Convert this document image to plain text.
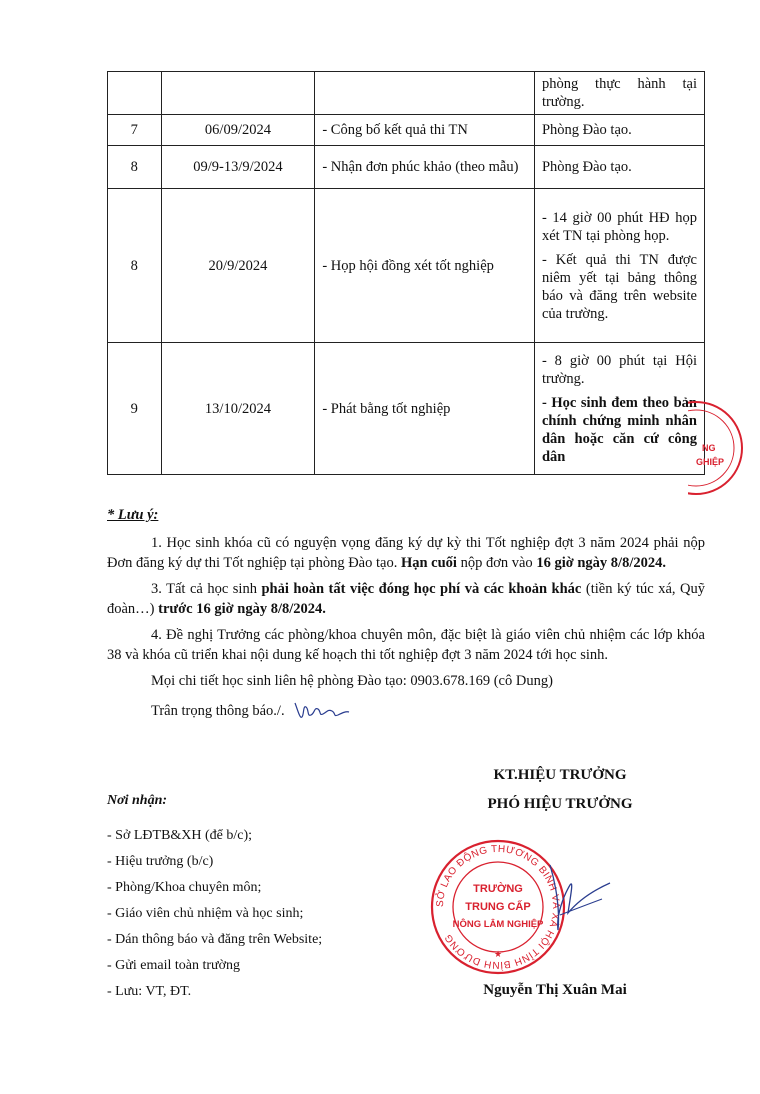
			phòng thực hành tại trường.

7	06/09/2024	- Công bố kết quả thi TN	Phòng Đào tạo.

8	09/9-13/9/2024	- Nhận đơn phúc khảo (theo mẫu)	Phòng Đào tạo.

8	20/9/2024	- Họp hội đồng xét tốt nghiệp	- 14 giờ 00 phút HĐ họp xét TN tại phòng họp.
- Kết quả thi TN được niêm yết tại bảng thông báo và đăng trên website của trường.

9	13/10/2024	- Phát bằng tốt nghiệp	- 8 giờ 00 phút tại Hội trường.
- Học sinh đem theo bản chính chứng minh nhân dân hoặc căn cứ công dân

* Lưu ý:

1. Học sinh khóa cũ có nguyện vọng đăng ký dự kỳ thi Tốt nghiệp đợt 3 năm 2024 phải nộp Đơn đăng ký dự thi Tốt nghiệp tại phòng Đào tạo. Hạn cuối nộp đơn vào 16 giờ ngày 8/8/2024.

3. Tất cả học sinh phải hoàn tất việc đóng học phí và các khoản khác (tiền ký túc xá, Quỹ đoàn…) trước 16 giờ ngày 8/8/2024.

4. Đề nghị Trưởng các phòng/khoa chuyên môn, đặc biệt là giáo viên chủ nhiệm các lớp khóa 38 và khóa cũ triển khai nội dung kế hoạch thi tốt nghiệp đợt 3 năm 2024 tới học sinh.

Mọi chi tiết học sinh liên hệ phòng Đào tạo: 0903.678.169 (cô Dung)

Trân trọng thông báo./.

NG
GHIỆP
KT.HIỆU TRƯỞNG
PHÓ HIỆU TRƯỞNG
SỞ LAO ĐỘNG THƯƠNG BINH VÀ XÃ HỘI TỈNH BÌNH DƯƠNG
TRƯỜNG
TRUNG CẤP
NÔNG LÂM NGHIỆP
★
Nguyễn Thị Xuân Mai
Nơi nhận:
- Sở LĐTB&XH (để b/c);
- Hiệu trưởng (b/c)
- Phòng/Khoa chuyên môn;
- Giáo viên chủ nhiệm và học sinh;
- Dán thông báo và đăng trên Website;
- Gửi email toàn trường
- Lưu: VT, ĐT.
